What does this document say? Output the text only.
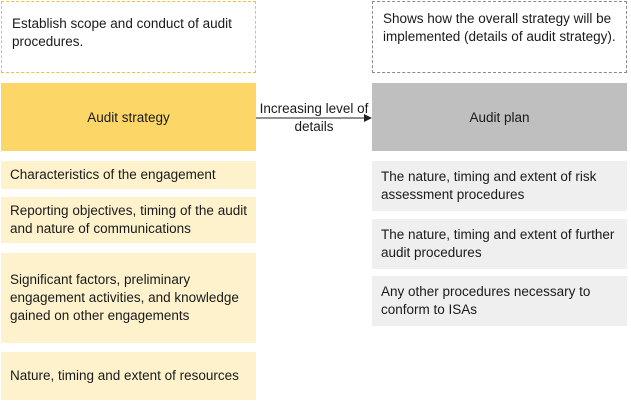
Establish scope and conduct of audit procedures.
Audit strategy
Characteristics of the engagement
Reporting objectives, timing of the audit and nature of communications
Significant factors, preliminary engagement activities, and knowledge gained on other engagements
Nature, timing and extent of resources
Increasing level of details
Shows how the overall strategy will be implemented (details of audit strategy).
Audit plan
The nature, timing and extent of risk assessment procedures
The nature, timing and extent of further audit procedures
Any other procedures necessary to conform to ISAs
